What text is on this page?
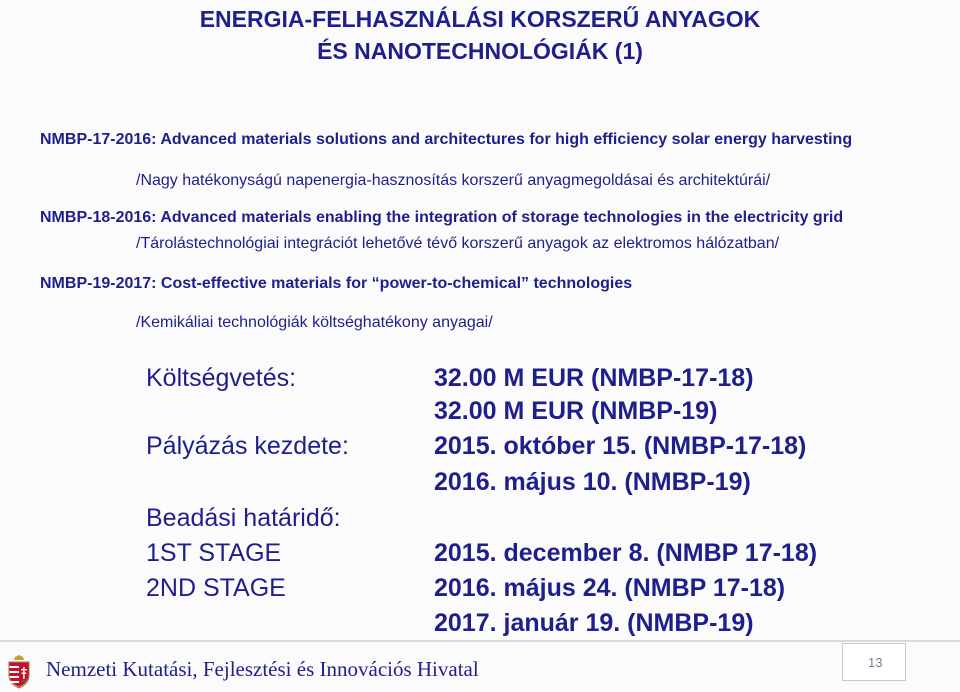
ENERGIA-FELHASZNÁLÁSI KORSZERŰ ANYAGOK
ÉS NANOTECHNOLÓGIÁK (1)
NMBP-17-2016: Advanced materials solutions and architectures for high efficiency solar energy harvesting
/Nagy hatékonyságú napenergia-hasznosítás korszerű anyagmegoldásai és architektúrái/
NMBP-18-2016: Advanced materials enabling the integration of storage technologies in the electricity grid
/Tárolástechnológiai integrációt lehetővé tévő korszerű anyagok az elektromos hálózatban/
NMBP-19-2017: Cost-effective materials for “power-to-chemical” technologies
/Kemikáliai technológiák költséghatékony anyagai/
Költségvetés:	32.00 M EUR (NMBP-17-18)
32.00 M EUR (NMBP-19)
Pályázás kezdete:	2015. október 15. (NMBP-17-18)
2016. május 10. (NMBP-19)
Beadási határidő:
1ST STAGE	2015. december 8. (NMBP 17-18)
2ND STAGE	2016. május 24. (NMBP 17-18)
2017. január 19. (NMBP-19)
Nemzeti Kutatási, Fejlesztési és Innovációs Hivatal	13
